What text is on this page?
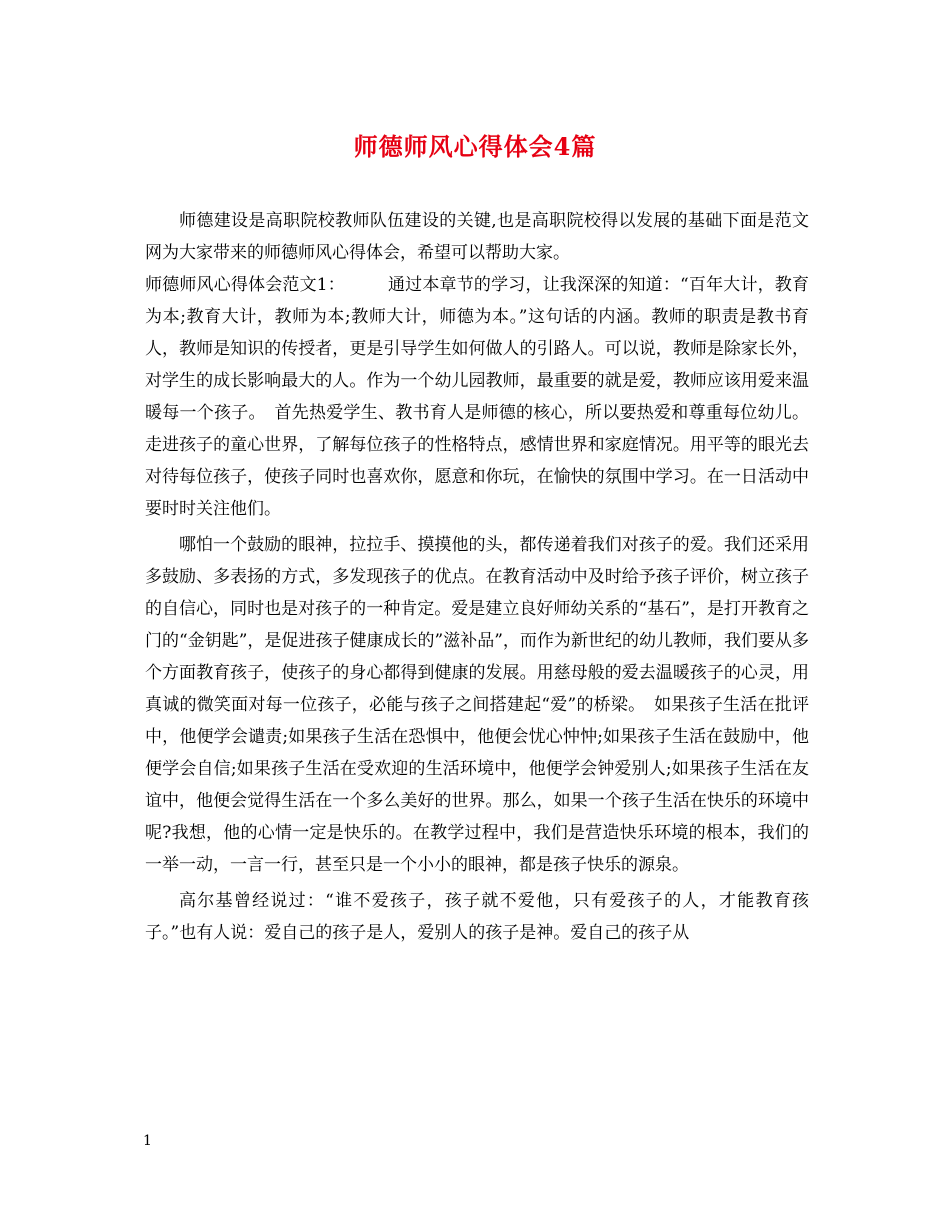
师德师风心得体会4篇

师德建设是高职院校教师队伍建设的关键,也是高职院校得以发展的基础下面是范文网为大家带来的师德师风心得体会，希望可以帮助大家。

师德师风心得体会范文1：　　　通过本章节的学习，让我深深的知道：“百年大计，教育为本;教育大计，教师为本;教师大计，师德为本。”这句话的内涵。教师的职责是教书育人，教师是知识的传授者，更是引导学生如何做人的引路人。可以说，教师是除家长外，对学生的成长影响最大的人。作为一个幼儿园教师，最重要的就是爱，教师应该用爱来温暖每一个孩子。　首先热爱学生、教书育人是师德的核心，所以要热爱和尊重每位幼儿。走进孩子的童心世界，了解每位孩子的性格特点，感情世界和家庭情况。用平等的眼光去对待每位孩子，使孩子同时也喜欢你，愿意和你玩，在愉快的氛围中学习。在一日活动中要时时关注他们。

哪怕一个鼓励的眼神，拉拉手、摸摸他的头，都传递着我们对孩子的爱。我们还采用多鼓励、多表扬的方式，多发现孩子的优点。在教育活动中及时给予孩子评价，树立孩子的自信心，同时也是对孩子的一种肯定。爱是建立良好师幼关系的“基石”，是打开教育之门的“金钥匙”，是促进孩子健康成长的”滋补品”，而作为新世纪的幼儿教师，我们要从多个方面教育孩子，使孩子的身心都得到健康的发展。用慈母般的爱去温暖孩子的心灵，用真诚的微笑面对每一位孩子，必能与孩子之间搭建起“爱”的桥梁。　如果孩子生活在批评中，他便学会谴责;如果孩子生活在恐惧中，他便会忧心忡忡;如果孩子生活在鼓励中，他便学会自信;如果孩子生活在受欢迎的生活环境中，他便学会钟爱别人;如果孩子生活在友谊中，他便会觉得生活在一个多么美好的世界。那么，如果一个孩子生活在快乐的环境中呢?我想，他的心情一定是快乐的。在教学过程中，我们是营造快乐环境的根本，我们的一举一动，一言一行，甚至只是一个小小的眼神，都是孩子快乐的源泉。

高尔基曾经说过：“谁不爱孩子，孩子就不爱他，只有爱孩子的人，才能教育孩子。”也有人说：爱自己的孩子是人，爱别人的孩子是神。爱自己的孩子从

1
